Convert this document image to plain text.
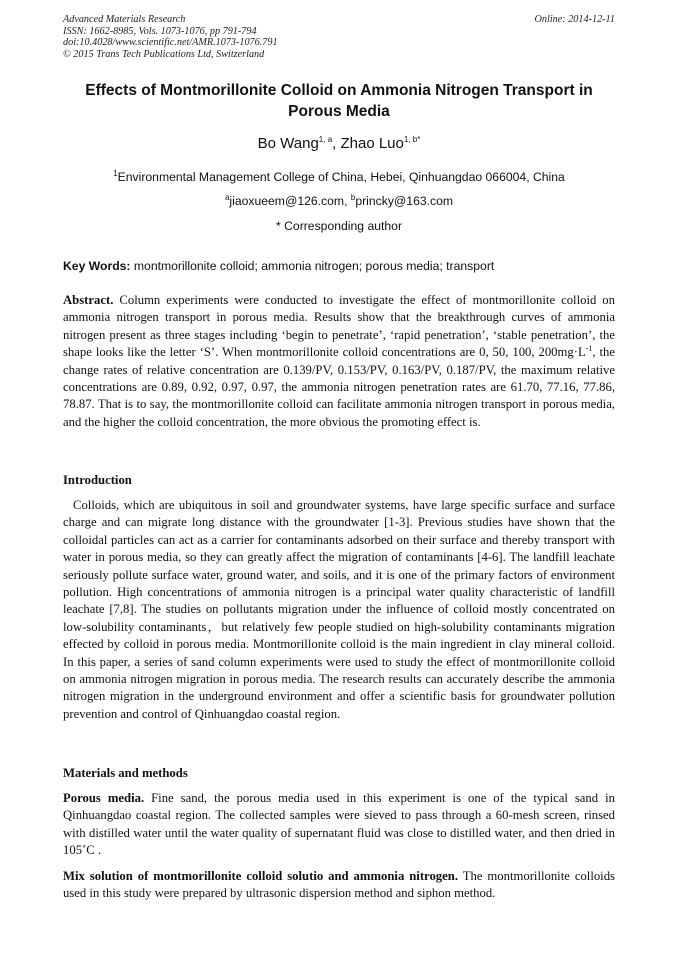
Advanced Materials Research
ISSN: 1662-8985, Vols. 1073-1076, pp 791-794
doi:10.4028/www.scientific.net/AMR.1073-1076.791
© 2015 Trans Tech Publications Ltd, Switzerland
Online: 2014-12-11
Effects of Montmorillonite Colloid on Ammonia Nitrogen Transport in Porous Media
Bo Wang$^{1, a}$, Zhao Luo$^{1, b*}$
$^1$Environmental Management College of China, Hebei, Qinhuangdao 066004, China
$^a$jiaoxueem@126.com, $^b$princky@163.com
* Corresponding author
Key Words: montmorillonite colloid; ammonia nitrogen; porous media; transport
Abstract. Column experiments were conducted to investigate the effect of montmorillonite colloid on ammonia nitrogen transport in porous media. Results show that the breakthrough curves of ammonia nitrogen present as three stages including ‘begin to penetrate’, ‘rapid penetration’, ‘stable penetration’, the shape looks like the letter ‘S’. When montmorillonite colloid concentrations are 0, 50, 100, $200mg\cdot L^{-1}$, the change rates of relative concentration are 0.139/PV, 0.153/PV, 0.163/PV, 0.187/PV, the maximum relative concentrations are 0.89, 0.92, 0.97, 0.97, the ammonia nitrogen penetration rates are 61.70, 77.16, 77.86, 78.87. That is to say, the montmorillonite colloid can facilitate ammonia nitrogen transport in porous media, and the higher the colloid concentration, the more obvious the promoting effect is.
Introduction
Colloids, which are ubiquitous in soil and groundwater systems, have large specific surface and surface charge and can migrate long distance with the groundwater [1-3]. Previous studies have shown that the colloidal particles can act as a carrier for contaminants adsorbed on their surface and thereby transport with water in porous media, so they can greatly affect the migration of contaminants [4-6]. The landfill leachate seriously pollute surface water, ground water, and soils, and it is one of the primary factors of environment pollution. High concentrations of ammonia nitrogen is a principal water quality characteristic of landfill leachate [7,8]. The studies on pollutants migration under the influence of colloid mostly concentrated on low-solubility contaminants，but relatively few people studied on high-solubility contaminants migration effected by colloid in porous media. Montmorillonite colloid is the main ingredient in clay mineral colloid. In this paper, a series of sand column experiments were used to study the effect of montmorillonite colloid on ammonia nitrogen migration in porous media. The research results can accurately describe the ammonia nitrogen migration in the underground environment and offer a scientific basis for groundwater pollution prevention and control of Qinhuangdao coastal region.
Materials and methods
Porous media. Fine sand, the porous media used in this experiment is one of the typical sand in Qinhuangdao coastal region. The collected samples were sieved to pass through a 60-mesh screen, rinsed with distilled water until the water quality of supernatant fluid was close to distilled water, and then dried in 105˚C .
Mix solution of montmorillonite colloid solutio and ammonia nitrogen. The montmorillonite colloids used in this study were prepared by ultrasonic dispersion method and siphon method.
